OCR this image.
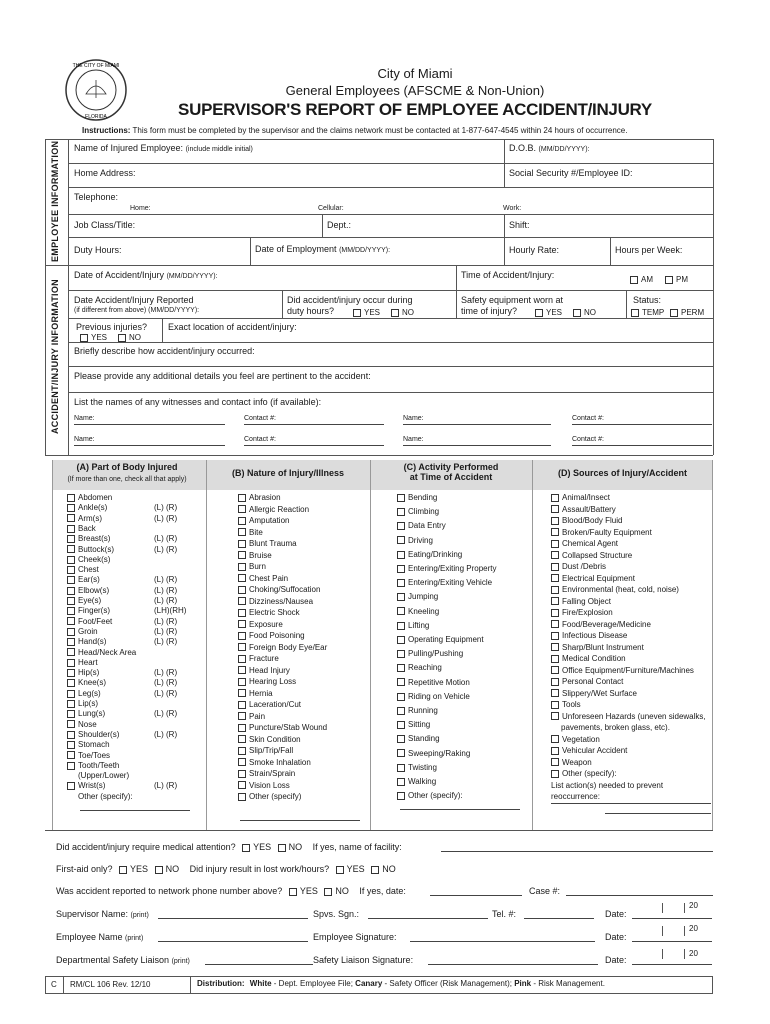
THE CITY OF MIAMI
FLORIDA
City of Miami
General Employees (AFSCME & Non-Union)
SUPERVISOR'S REPORT OF EMPLOYEE ACCIDENT/INJURY
Instructions: This form must be completed by the supervisor and the claims network must be contacted at 1-877-647-4545 within 24 hours of occurrence.
EMPLOYEE INFORMATION
ACCIDENT/INJURY INFORMATION
Name of Injured Employee: (include middle initial)	D.O.B. (MM/DD/YYYY):
Home Address:	Social Security #/Employee ID:
Telephone:
Home:	Cellular:	Work:
Job Class/Title:	Dept.:	Shift:
Duty Hours:	Date of Employment (MM/DD/YYYY):	Hourly Rate:	Hours per Week:
Date of Accident/Injury (MM/DD/YYYY):	Time of Accident/Injury:	AM	PM
Date Accident/Injury Reported
(if different from above) (MM/DD/YYYY):
Did accident/injury occur during
duty hours?	YES	NO
Safety equipment worn at
time of injury?	YES	NO
Status:
TEMP	PERM
Previous injuries?
YES	NO
Exact location of accident/injury:
Briefly describe how accident/injury occurred:
Please provide any additional details you feel are pertinent to the accident:
List the names of any witnesses and contact info (if available):
Name:	Contact #:	Name:	Contact #:
Name:	Contact #:	Name:	Contact #:
(A) Part of Body Injured
(If more than one, check all that apply)
(B) Nature of Injury/Illness
(C) Activity Performed
at Time of Accident	(D) Sources of Injury/Accident
Abdomen
Ankle(s)	(L) (R)
Arm(s)	(L) (R)
Back
Breast(s)	(L) (R)
Buttock(s)	(L) (R)
Cheek(s)
Chest
Ear(s)	(L) (R)
Elbow(s)	(L) (R)
Eye(s)	(L) (R)
Finger(s)	(LH)(RH)
Foot/Feet	(L) (R)
Groin	(L) (R)
Hand(s)	(L) (R)
Head/Neck Area
Heart
Hip(s)	(L) (R)
Knee(s)	(L) (R)
Leg(s)	(L) (R)
Lip(s)
Lung(s)	(L) (R)
Nose
Shoulder(s)	(L) (R)
Stomach
Toe/Toes
Tooth/Teeth
(Upper/Lower)
Wrist(s)	(L) (R)
Other (specify):
Abrasion
Allergic Reaction
Amputation
Bite
Blunt Trauma
Bruise
Burn
Chest Pain
Choking/Suffocation
Dizziness/Nausea
Electric Shock
Exposure
Food Poisoning
Foreign Body Eye/Ear
Fracture
Head Injury
Hearing Loss
Hernia
Laceration/Cut
Pain
Puncture/Stab Wound
Skin Condition
Slip/Trip/Fall
Smoke Inhalation
Strain/Sprain
Vision Loss
Other (specify)
Bending
Climbing
Data Entry
Driving
Eating/Drinking
Entering/Exiting Property
Entering/Exiting Vehicle
Jumping
Kneeling
Lifting
Operating Equipment
Pulling/Pushing
Reaching
Repetitive Motion
Riding on Vehicle
Running
Sitting
Standing
Sweeping/Raking
Twisting
Walking
Other (specify):
Animal/Insect
Assault/Battery
Blood/Body Fluid
Broken/Faulty Equipment
Chemical Agent
Collapsed Structure
Dust /Debris
Electrical Equipment
Environmental (heat, cold, noise)
Falling Object
Fire/Explosion
Food/Beverage/Medicine
Infectious Disease
Sharp/Blunt Instrument
Medical Condition
Office Equipment/Furniture/Machines
Personal Contact
Slippery/Wet Surface
Tools
Unforeseen Hazards (uneven sidewalks,
pavements, broken glass, etc).
Vegetation
Vehicular Accident
Weapon
Other (specify):
List action(s) needed to prevent
reoccurrence:
Did accident/injury require medical attention? YES NO If yes, name of facility:
First-aid only? YES NO Did injury result in lost work/hours? YES NO
Was accident reported to network phone number above? YES NO If yes, date:	Case #:
Supervisor Name: (print)	Spvs. Sgn.:	Tel. #:	Date:
20
Employee Name (print)	Employee Signature:	Date:
20
Departmental Safety Liaison (print)	Safety Liaison Signature:	Date:
20
C RM/CL 106 Rev. 12/10	Distribution: White - Dept. Employee File; Canary - Safety Officer (Risk Management); Pink - Risk Management.
